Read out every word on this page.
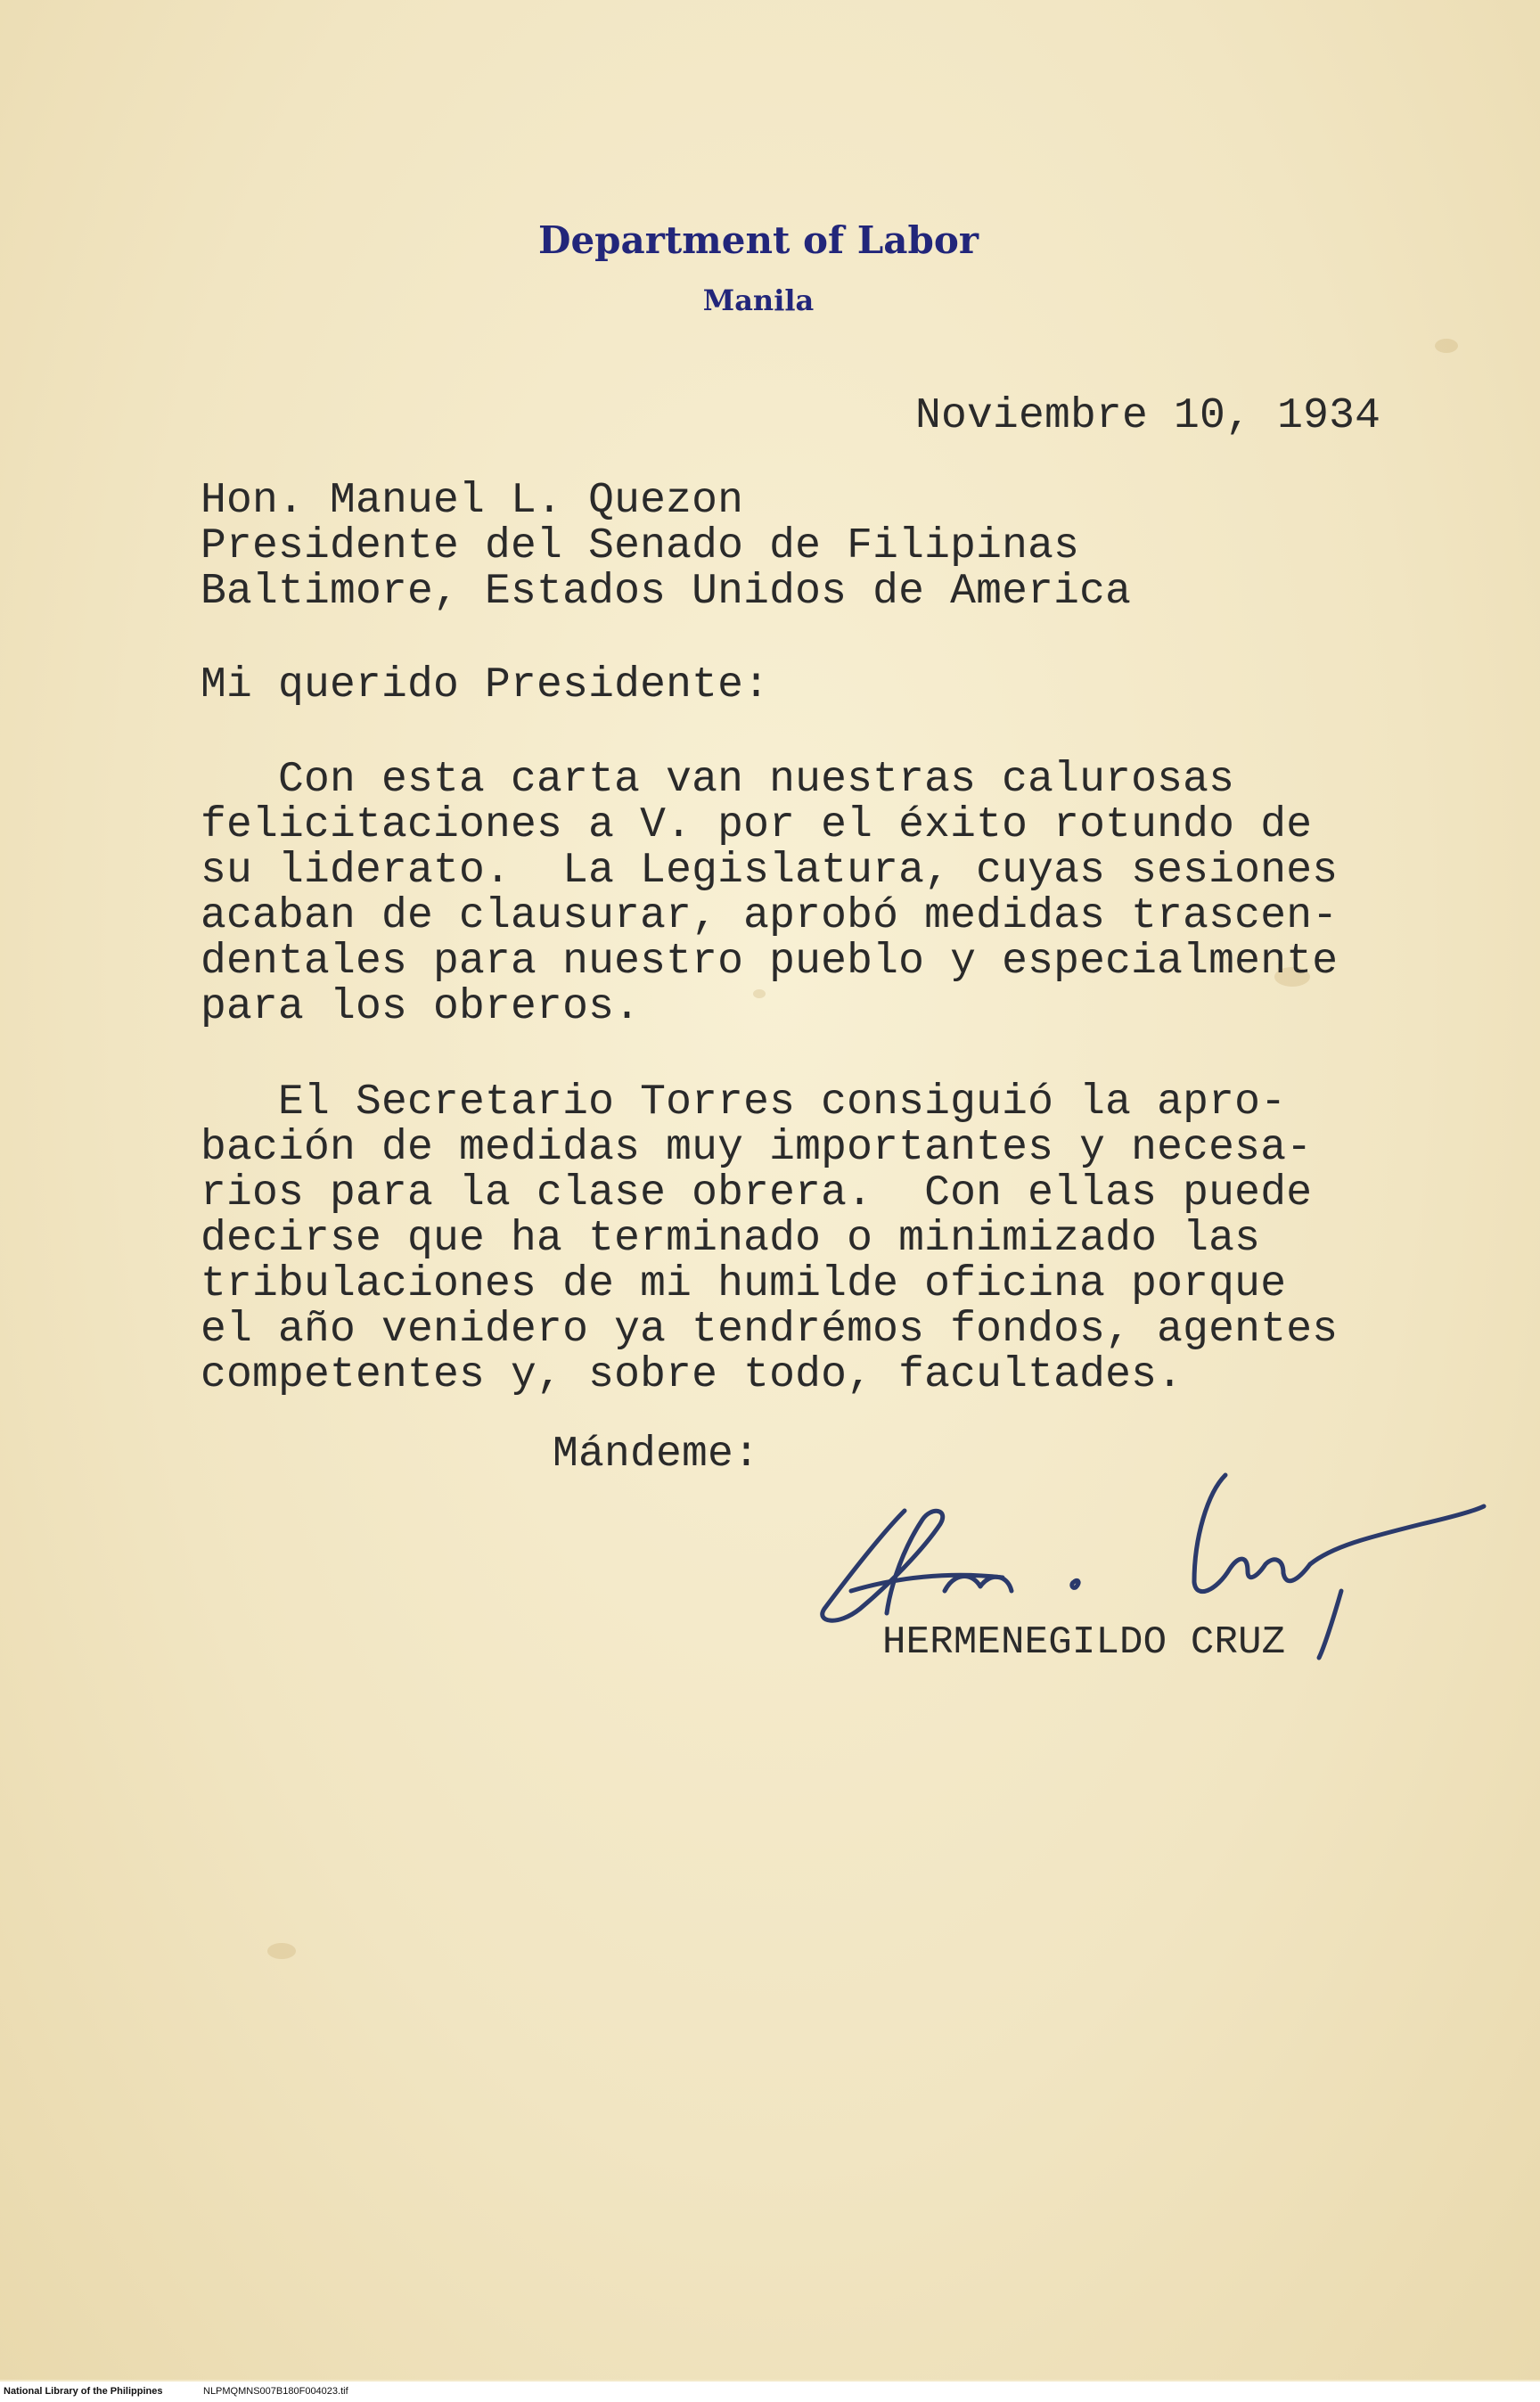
Department of Labor
Manila
Noviembre 10, 1934
Hon. Manuel L. Quezon
Presidente del Senado de Filipinas
Baltimore, Estados Unidos de America
Mi querido Presidente:

Con esta carta van nuestras calurosas

felicitaciones a V. por el éxito rotundo de

su liderato.  La Legislatura, cuyas sesiones

acaban de clausurar, aprobó medidas trascen-

dentales para nuestro pueblo y especialmente

para los obreros.

El Secretario Torres consiguió la apro-

bación de medidas muy importantes y necesa-

rios para la clase obrera.  Con ellas puede

decirse que ha terminado o minimizado las

tribulaciones de mi humilde oficina porque

el año venidero ya tendrémos fondos, agentes

competentes y, sobre todo, facultades.

Mándeme:
HERMENEGILDO CRUZ
National Library of the Philippines	NLPMQMNS007B180F004023.tif
